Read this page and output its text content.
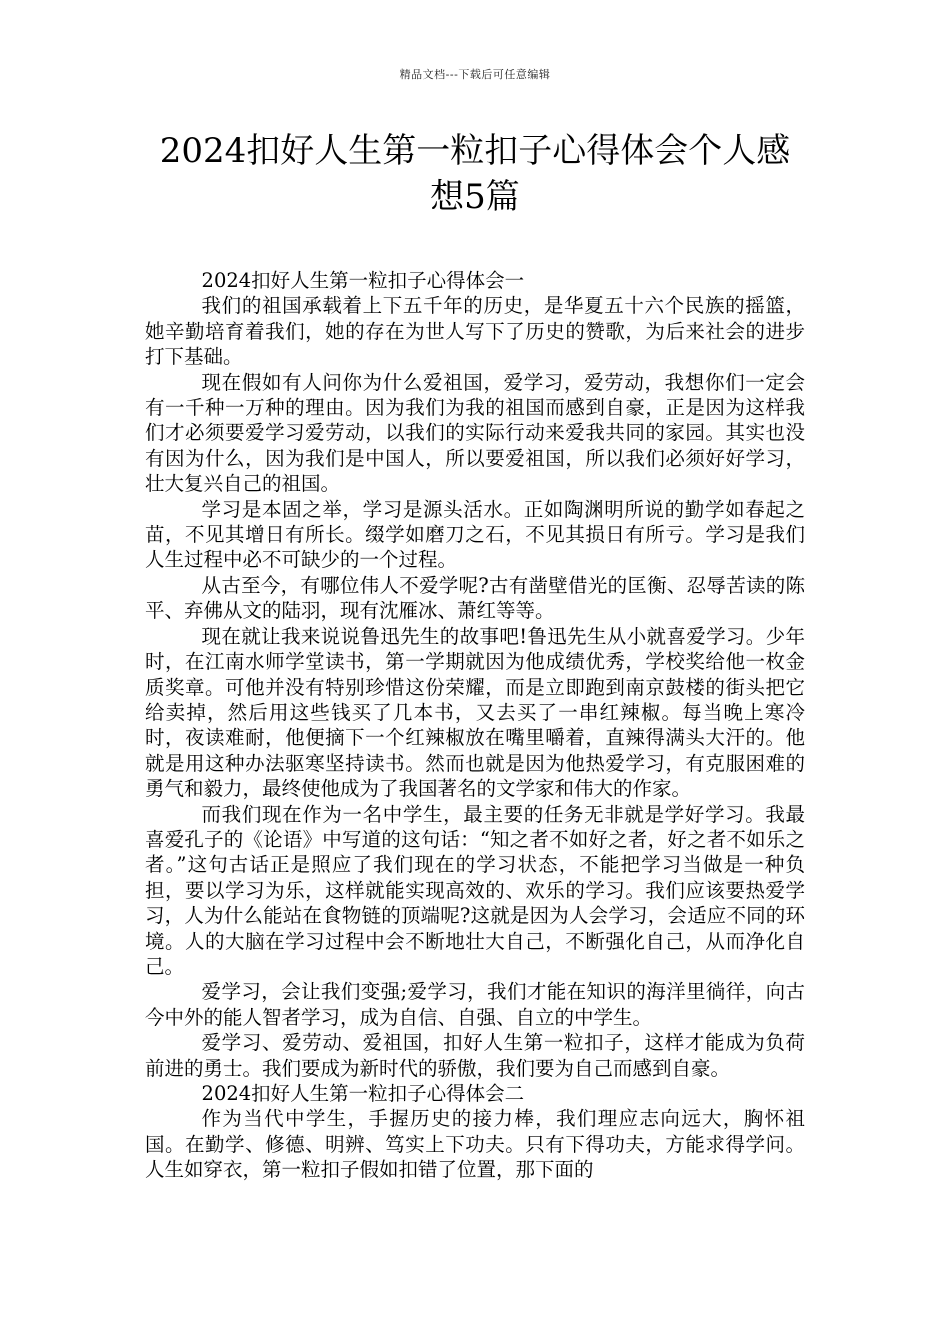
精品文档---下载后可任意编辑
2024扣好人生第一粒扣子心得体会个人感想5篇

2024扣好人生第一粒扣子心得体会一

我们的祖国承载着上下五千年的历史，是华夏五十六个民族的摇篮，她辛勤培育着我们，她的存在为世人写下了历史的赞歌，为后来社会的进步打下基础。

现在假如有人问你为什么爱祖国，爱学习，爱劳动，我想你们一定会有一千种一万种的理由。因为我们为我的祖国而感到自豪，正是因为这样我们才必须要爱学习爱劳动，以我们的实际行动来爱我共同的家园。其实也没有因为什么，因为我们是中国人，所以要爱祖国，所以我们必须好好学习，壮大复兴自己的祖国。

学习是本固之举，学习是源头活水。正如陶渊明所说的勤学如春起之苗，不见其增日有所长。缀学如磨刀之石，不见其损日有所亏。学习是我们人生过程中必不可缺少的一个过程。

从古至今，有哪位伟人不爱学呢?古有凿壁借光的匡衡、忍辱苦读的陈平、弃佛从文的陆羽，现有沈雁冰、萧红等等。

现在就让我来说说鲁迅先生的故事吧!鲁迅先生从小就喜爱学习。少年时，在江南水师学堂读书，第一学期就因为他成绩优秀，学校奖给他一枚金质奖章。可他并没有特别珍惜这份荣耀，而是立即跑到南京鼓楼的街头把它给卖掉，然后用这些钱买了几本书，又去买了一串红辣椒。每当晚上寒冷时，夜读难耐，他便摘下一个红辣椒放在嘴里嚼着，直辣得满头大汗的。他就是用这种办法驱寒坚持读书。然而也就是因为他热爱学习，有克服困难的勇气和毅力，最终使他成为了我国著名的文学家和伟大的作家。

而我们现在作为一名中学生，最主要的任务无非就是学好学习。我最喜爱孔子的《论语》中写道的这句话：“知之者不如好之者，好之者不如乐之者。”这句古话正是照应了我们现在的学习状态，不能把学习当做是一种负担，要以学习为乐，这样就能实现高效的、欢乐的学习。我们应该要热爱学习，人为什么能站在食物链的顶端呢?这就是因为人会学习，会适应不同的环境。人的大脑在学习过程中会不断地壮大自己，不断强化自己，从而净化自己。

爱学习，会让我们变强;爱学习，我们才能在知识的海洋里徜徉，向古今中外的能人智者学习，成为自信、自强、自立的中学生。

爱学习、爱劳动、爱祖国，扣好人生第一粒扣子，这样才能成为负荷前进的勇士。我们要成为新时代的骄傲，我们要为自己而感到自豪。

2024扣好人生第一粒扣子心得体会二

作为当代中学生，手握历史的接力棒，我们理应志向远大，胸怀祖国。在勤学、修德、明辨、笃实上下功夫。只有下得功夫，方能求得学问。人生如穿衣，第一粒扣子假如扣错了位置，那下面的
